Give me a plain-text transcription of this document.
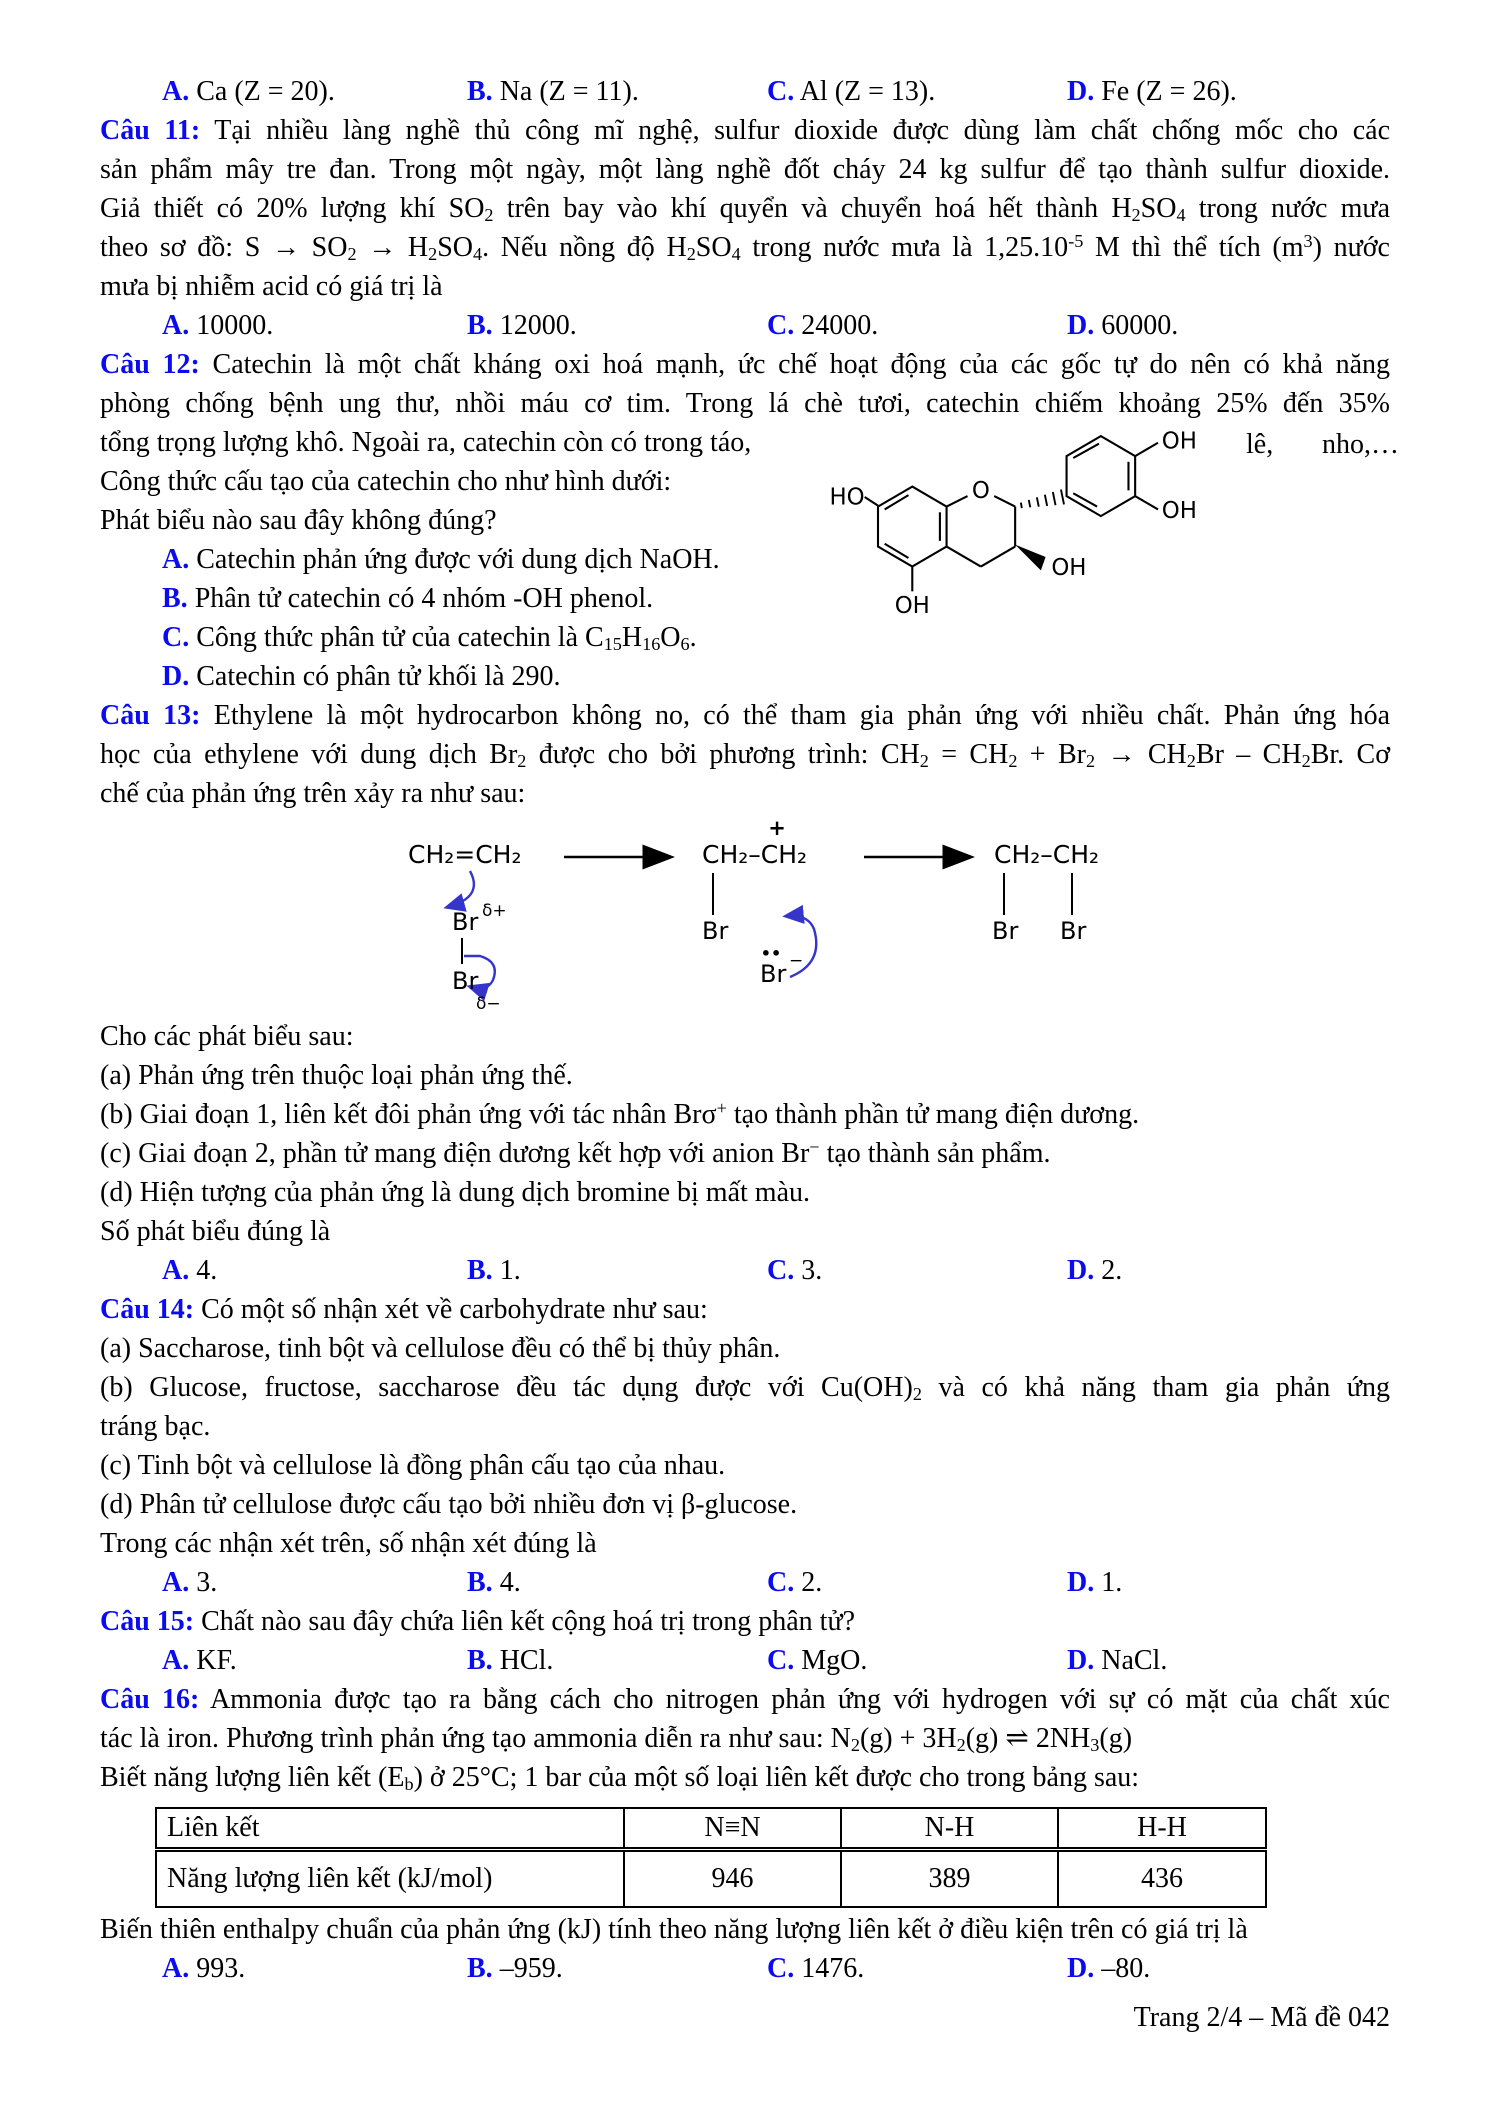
A. Ca (Z = 20).	B. Na (Z = 11).	C. Al (Z = 13).	D. Fe (Z = 26).
Câu 11: Tại nhiều làng nghề thủ công mĩ nghệ, sulfur dioxide được dùng làm chất chống mốc cho các
sản phẩm mây tre đan. Trong một ngày, một làng nghề đốt cháy 24 kg sulfur để tạo thành sulfur dioxide.
Giả thiết có 20% lượng khí $SO_2$ trên bay vào khí quyển và chuyển hoá hết thành $H_2SO_4$ trong nước mưa
theo sơ đồ: $S \to SO_2 \to H_2SO_4$. Nếu nồng độ $H_2SO_4$ trong nước mưa là $1,25.10^{-5}$ M thì thể tích $(m^3)$ nước
mưa bị nhiễm acid có giá trị là
A. 10000.	B. 12000.	C. 24000.	D. 60000.
Câu 12: Catechin là một chất kháng oxi hoá mạnh, ức chế hoạt động của các gốc tự do nên có khả năng
phòng chống bệnh ung thư, nhồi máu cơ tim. Trong lá chè tươi, catechin chiếm khoảng 25% đến 35%
tổng trọng lượng khô. Ngoài ra, catechin còn có trong táo,
Công thức cấu tạo của catechin cho như hình dưới:
Phát biểu nào sau đây không đúng?
lê, nho,…
HO	O
OH
OH
OH
OH
A. Catechin phản ứng được với dung dịch NaOH.
B. Phân tử catechin có 4 nhóm -OH phenol.
C. Công thức phân tử của catechin là $C_{15}H_{16}O_6$.
D. Catechin có phân tử khối là 290.
Câu 13: Ethylene là một hydrocarbon không no, có thể tham gia phản ứng với nhiều chất. Phản ứng hóa
học của ethylene với dung dịch $Br_2$ được cho bởi phương trình: $CH_2 = CH_2 + Br_2 \to CH_2Br - CH_2Br$. Cơ
chế của phản ứng trên xảy ra như sau:
CH₂=CH₂
Br δ+
Br
δ−
CH₂–CH₂
+
Br
••
Br −
CH₂–CH₂
Br Br
Cho các phát biểu sau:
(a) Phản ứng trên thuộc loại phản ứng thế.
(b) Giai đoạn 1, liên kết đôi phản ứng với tác nhân Brσ+ tạo thành phần tử mang điện dương.
(c) Giai đoạn 2, phần tử mang điện dương kết hợp với anion Br− tạo thành sản phẩm.
(d) Hiện tượng của phản ứng là dung dịch bromine bị mất màu.
Số phát biểu đúng là
A. 4.	B. 1.	C. 3.	D. 2.
Câu 14: Có một số nhận xét về carbohydrate như sau:
(a) Saccharose, tinh bột và cellulose đều có thể bị thủy phân.
(b) Glucose, fructose, saccharose đều tác dụng được với $Cu(OH)_2$ và có khả năng tham gia phản ứng
tráng bạc.
(c) Tinh bột và cellulose là đồng phân cấu tạo của nhau.
(d) Phân tử cellulose được cấu tạo bởi nhiều đơn vị β-glucose.
Trong các nhận xét trên, số nhận xét đúng là
A. 3.	B. 4.	C. 2.	D. 1.
Câu 15: Chất nào sau đây chứa liên kết cộng hoá trị trong phân tử?
A. KF.	B. HCl.	C. MgO.	D. NaCl.
Câu 16: Ammonia được tạo ra bằng cách cho nitrogen phản ứng với hydrogen với sự có mặt của chất xúc
tác là iron. Phương trình phản ứng tạo ammonia diễn ra như sau: $N_2(g) + 3H_2(g)$ ⇌ $2NH_3(g)$
Biết năng lượng liên kết $(E_b)$ ở 25°C; 1 bar của một số loại liên kết được cho trong bảng sau:
Liên kết	N≡N	N-H	H-H
Năng lượng liên kết (kJ/mol)	946	389	436
Biến thiên enthalpy chuẩn của phản ứng (kJ) tính theo năng lượng liên kết ở điều kiện trên có giá trị là
A. 993.	B. –959.	C. 1476.	D. –80.
Trang 2/4 – Mã đề 042
